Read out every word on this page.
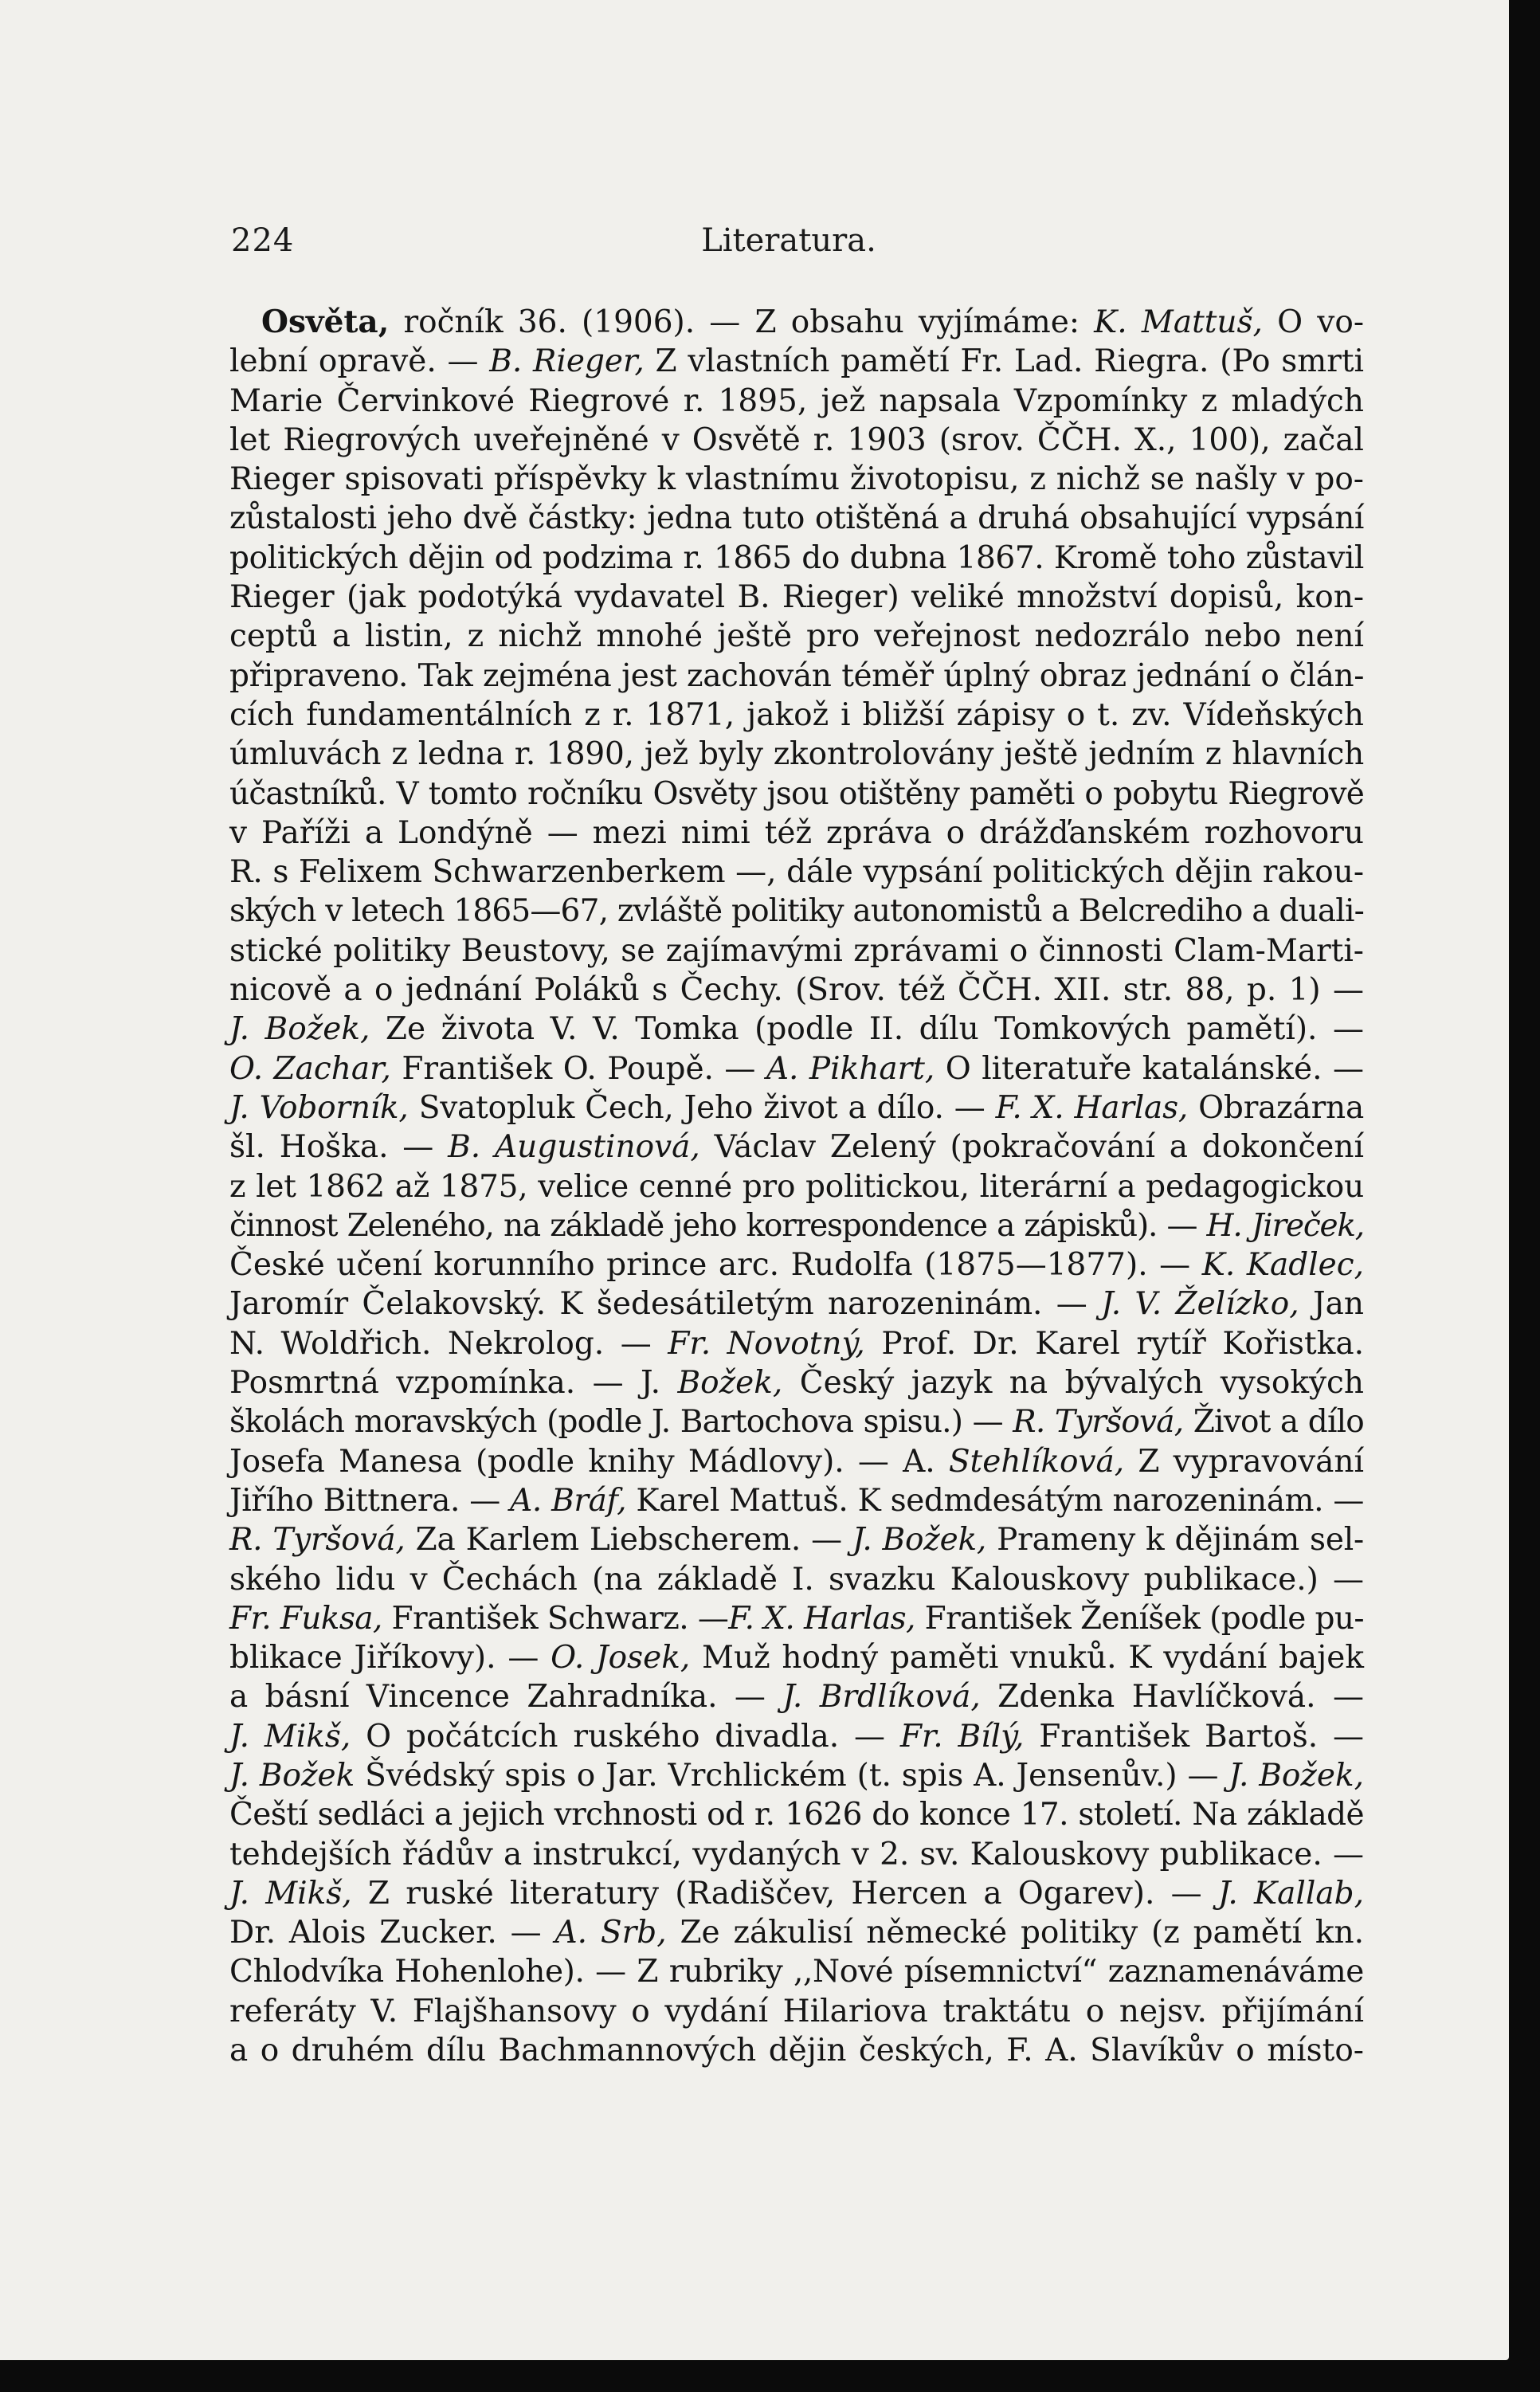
224	Literatura.
Osvěta, ročník 36. (1906). — Z obsahu vyjímáme: K. Mattuš, O vo-
lební opravě. — B. Rieger, Z vlastních pamětí Fr. Lad. Riegra. (Po smrti
Marie Červinkové Riegrové r. 1895, jež napsala Vzpomínky z mladých
let Riegrových uveřejněné v Osvětě r. 1903 (srov. ČČH. X., 100), začal
Rieger spisovati příspěvky k vlastnímu životopisu, z nichž se našly v po-
zůstalosti jeho dvě částky: jedna tuto otištěná a druhá obsahující vypsání
politických dějin od podzima r. 1865 do dubna 1867. Kromě toho zůstavil
Rieger (jak podotýká vydavatel B. Rieger) veliké množství dopisů, kon-
ceptů a listin, z nichž mnohé ještě pro veřejnost nedozrálo nebo není
připraveno. Tak zejména jest zachován téměř úplný obraz jednání o člán-
cích fundamentálních z r. 1871, jakož i bližší zápisy o t. zv. Vídeňských
úmluvách z ledna r. 1890, jež byly zkontrolovány ještě jedním z hlavních
účastníků. V tomto ročníku Osvěty jsou otištěny paměti o pobytu Riegrově
v Paříži a Londýně — mezi nimi též zpráva o drážďanském rozhovoru
R. s Felixem Schwarzenberkem —, dále vypsání politických dějin rakou-
ských v letech 1865—67, zvláště politiky autonomistů a Belcrediho a duali-
stické politiky Beustovy, se zajímavými zprávami o činnosti Clam-Marti-
nicově a o jednání Poláků s Čechy. (Srov. též ČČH. XII. str. 88, p. 1) —
J. Božek, Ze života V. V. Tomka (podle II. dílu Tomkových pamětí). —
O. Zachar, František O. Poupě. — A. Pikhart, O literatuře katalánské. —
J. Voborník, Svatopluk Čech, Jeho život a dílo. — F. X. Harlas, Obrazárna
šl. Hoška. — B. Augustinová, Václav Zelený (pokračování a dokončení
z let 1862 až 1875, velice cenné pro politickou, literární a pedagogickou
činnost Zeleného, na základě jeho korrespondence a zápisků). — H. Jireček,
České učení korunního prince arc. Rudolfa (1875—1877). — K. Kadlec,
Jaromír Čelakovský. K šedesátiletým narozeninám. — J. V. Želízko, Jan
N. Woldřich. Nekrolog. — Fr. Novotný, Prof. Dr. Karel rytíř Kořistka.
Posmrtná vzpomínka. — J. Božek, Český jazyk na bývalých vysokých
školách moravských (podle J. Bartochova spisu.) — R. Tyršová, Život a dílo
Josefa Manesa (podle knihy Mádlovy). — A. Stehlíková, Z vypravování
Jiřího Bittnera. — A. Bráf, Karel Mattuš. K sedmdesátým narozeninám. —
R. Tyršová, Za Karlem Liebscherem. — J. Božek, Prameny k dějinám sel-
ského lidu v Čechách (na základě I. svazku Kalouskovy publikace.) —
Fr. Fuksa, František Schwarz. —F. X. Harlas, František Ženíšek (podle pu-
blikace Jiříkovy). — O. Josek, Muž hodný paměti vnuků. K vydání bajek
a básní Vincence Zahradníka. — J. Brdlíková, Zdenka Havlíčková. —
J. Mikš, O počátcích ruského divadla. — Fr. Bílý, František Bartoš. —
J. Božek Švédský spis o Jar. Vrchlickém (t. spis A. Jensenův.) — J. Božek,
Čeští sedláci a jejich vrchnosti od r. 1626 do konce 17. století. Na základě
tehdejších řádův a instrukcí, vydaných v 2. sv. Kalouskovy publikace. —
J. Mikš, Z ruské literatury (Radiščev, Hercen a Ogarev). — J. Kallab,
Dr. Alois Zucker. — A. Srb, Ze zákulisí německé politiky (z pamětí kn.
Chlodvíka Hohenlohe). — Z rubriky ,,Nové písemnictví“ zaznamenáváme
referáty V. Flajšhansovy o vydání Hilariova traktátu o nejsv. přijímání
a o druhém dílu Bachmannových dějin českých, F. A. Slavíkův o místo-
